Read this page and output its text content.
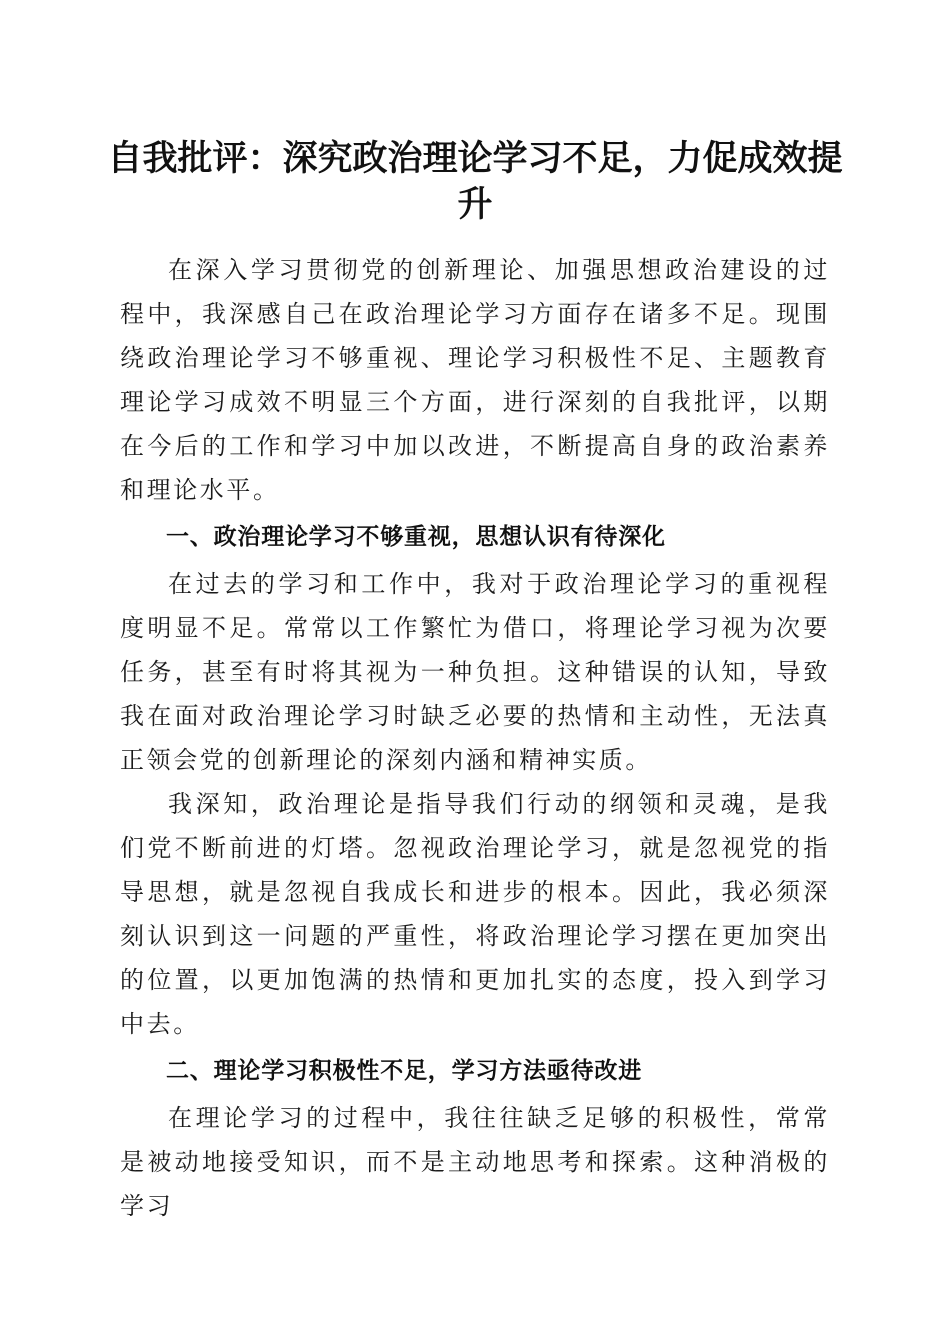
自我批评：深究政治理论学习不足，力促成效提升

在深入学习贯彻党的创新理论、加强思想政治建设的过程中，我深感自己在政治理论学习方面存在诸多不足。现围绕政治理论学习不够重视、理论学习积极性不足、主题教育理论学习成效不明显三个方面，进行深刻的自我批评，以期在今后的工作和学习中加以改进，不断提高自身的政治素养和理论水平。

一、政治理论学习不够重视，思想认识有待深化

在过去的学习和工作中，我对于政治理论学习的重视程度明显不足。常常以工作繁忙为借口，将理论学习视为次要任务，甚至有时将其视为一种负担。这种错误的认知，导致我在面对政治理论学习时缺乏必要的热情和主动性，无法真正领会党的创新理论的深刻内涵和精神实质。

我深知，政治理论是指导我们行动的纲领和灵魂，是我们党不断前进的灯塔。忽视政治理论学习，就是忽视党的指导思想，就是忽视自我成长和进步的根本。因此，我必须深刻认识到这一问题的严重性，将政治理论学习摆在更加突出的位置，以更加饱满的热情和更加扎实的态度，投入到学习中去。

二、理论学习积极性不足，学习方法亟待改进

在理论学习的过程中，我往往缺乏足够的积极性，常常是被动地接受知识，而不是主动地思考和探索。这种消极的学习
